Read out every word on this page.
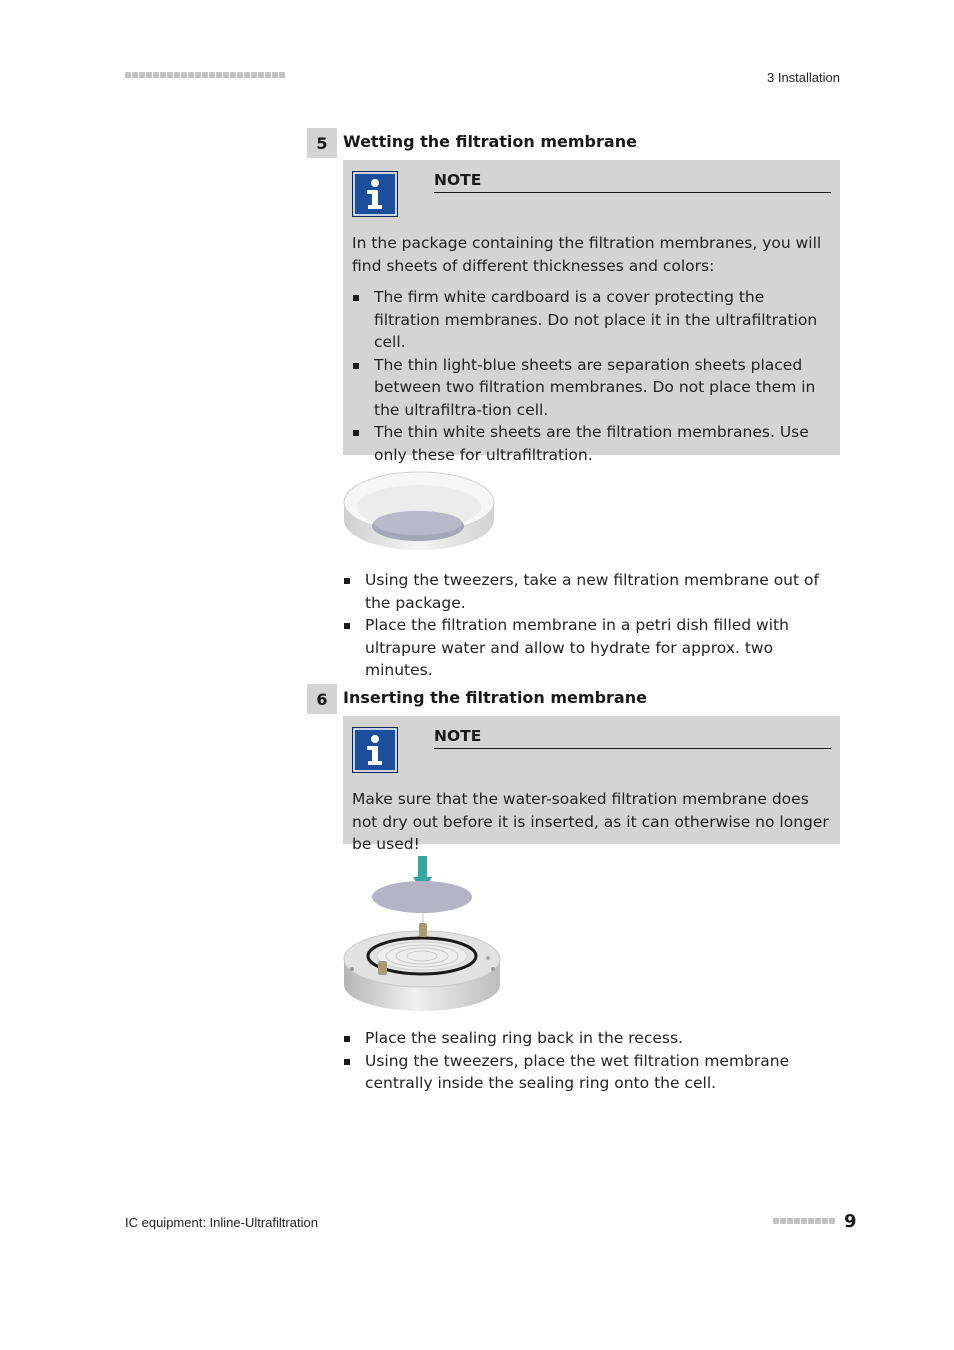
3 Installation
5 Wetting the filtration membrane
NOTE
In the package containing the filtration membranes, you will find sheets of different thicknesses and colors:
The firm white cardboard is a cover protecting the filtration membranes. Do not place it in the ultrafiltration cell.
The thin light-blue sheets are separation sheets placed between two filtration membranes. Do not place them in the ultrafiltra-tion cell.
The thin white sheets are the filtration membranes. Use only these for ultrafiltration.
Using the tweezers, take a new filtration membrane out of the package.
Place the filtration membrane in a petri dish filled with ultrapure water and allow to hydrate for approx. two minutes.
6 Inserting the filtration membrane
NOTE
Make sure that the water-soaked filtration membrane does not dry out before it is inserted, as it can otherwise no longer be used!
Place the sealing ring back in the recess.
Using the tweezers, place the wet filtration membrane centrally inside the sealing ring onto the cell.
IC equipment: Inline-Ultrafiltration	9
